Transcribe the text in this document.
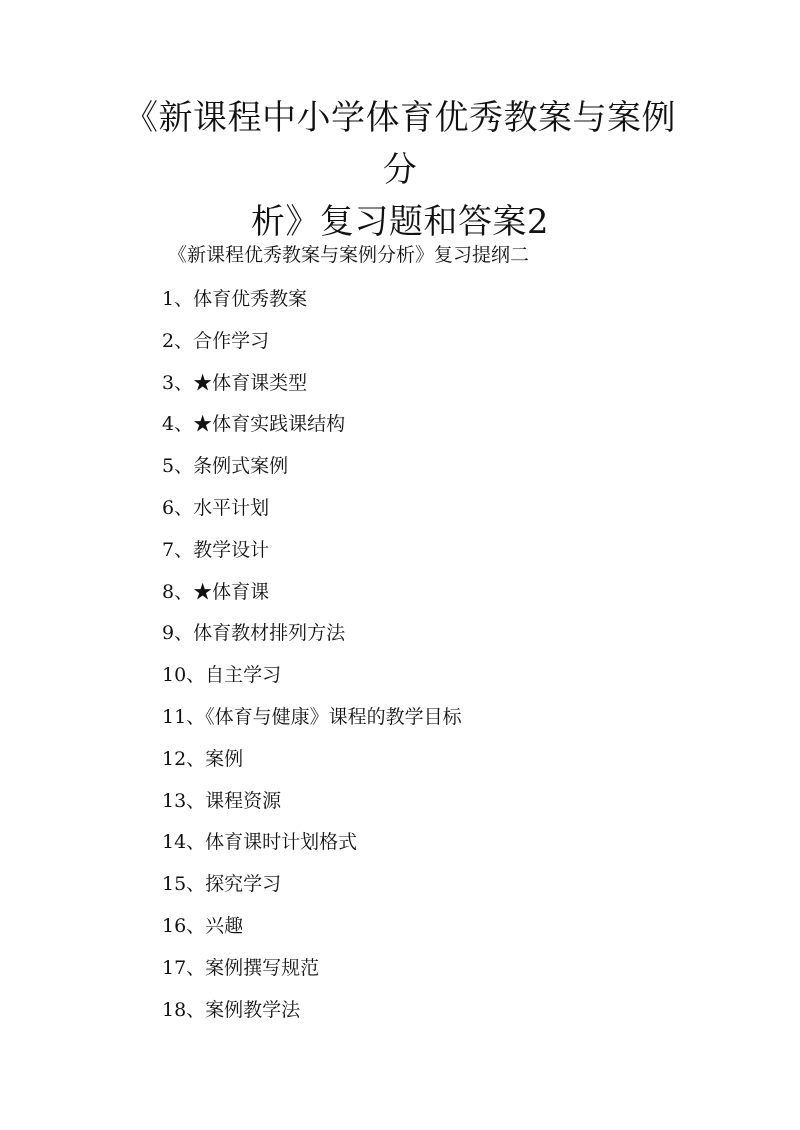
《新课程中小学体育优秀教案与案例分
析》复习题和答案2

《新课程优秀教案与案例分析》复习提纲二

1、体育优秀教案
2、合作学习
3、★体育课类型
4、★体育实践课结构
5、条例式案例
6、水平计划
7、教学设计
8、★体育课
9、体育教材排列方法
10、自主学习
11、《体育与健康》课程的教学目标
12、案例
13、课程资源
14、体育课时计划格式
15、探究学习
16、兴趣
17、案例撰写规范
18、案例教学法
